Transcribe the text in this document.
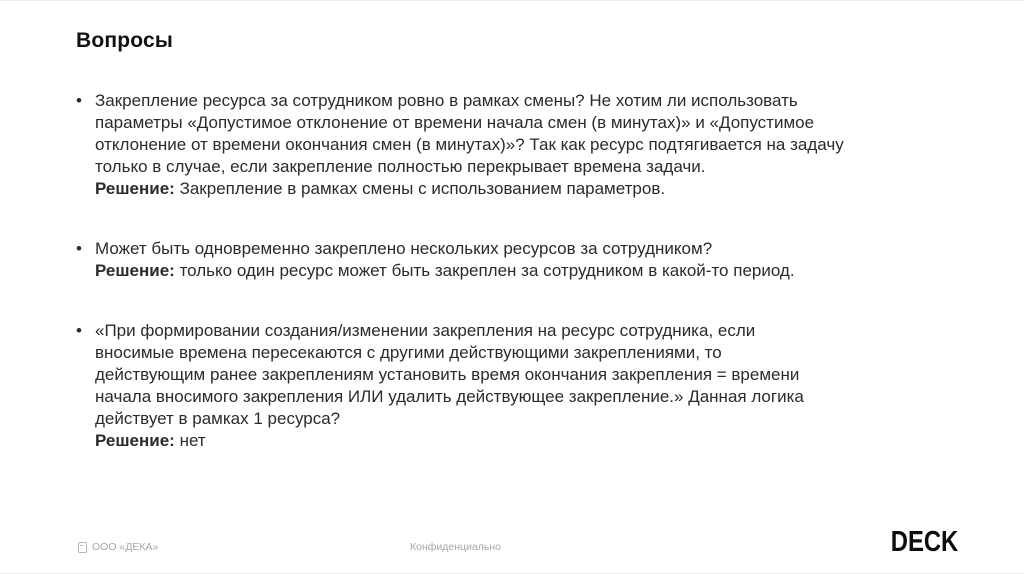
Вопросы
• Закрепление ресурса за сотрудником ровно в рамках смены? Не хотим ли использовать
параметры «Допустимое отклонение от времени начала смен (в минутах)» и «Допустимое
отклонение от времени окончания смен (в минутах)»? Так как ресурс подтягивается на задачу
только в случае, если закрепление полностью перекрывает времена задачи.
Решение: Закрепление в рамках смены с использованием параметров.
• Может быть одновременно закреплено нескольких ресурсов за сотрудником?
Решение: только один ресурс может быть закреплен за сотрудником в какой-то период.
• «При формировании создания/изменении закрепления на ресурс сотрудника, если
вносимые времена пересекаются с другими действующими закреплениями, то
действующим ранее закреплениям установить время окончания закрепления = времени
начала вносимого закрепления ИЛИ удалить действующее закрепление.» Данная логика
действует в рамках 1 ресурса?
Решение: нет
ООО «ДЕКА»	Конфиденциально	DECK
